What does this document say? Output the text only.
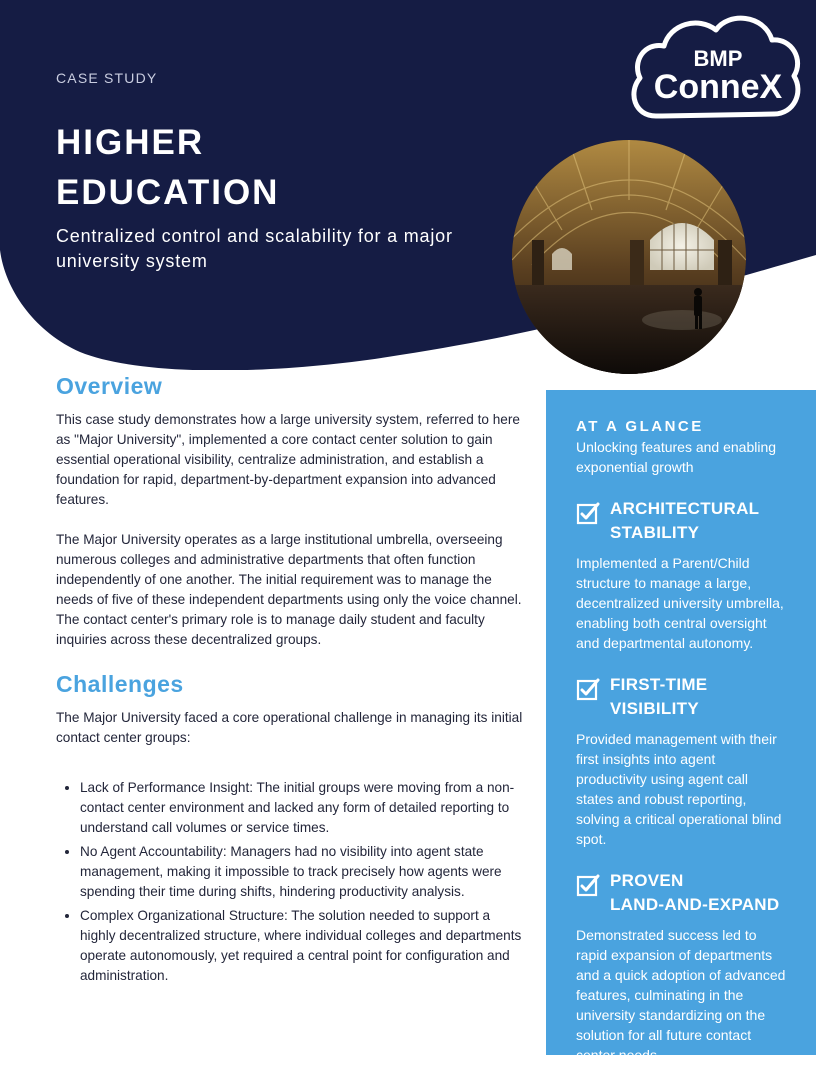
CASE STUDY
HIGHER
EDUCATION

Centralized control and scalability for a major university system

BMP
ConneX
Overview

This case study demonstrates how a large university system, referred to here as "Major University", implemented a core contact center solution to gain essential operational visibility, centralize administration, and establish a foundation for rapid, department-by-department expansion into advanced features.

The Major University operates as a large institutional umbrella, overseeing numerous colleges and administrative departments that often function independently of one another. The initial requirement was to manage the needs of five of these independent departments using only the voice channel. The contact center's primary role is to manage daily student and faculty inquiries across these decentralized groups.

Challenges

The Major University faced a core operational challenge in managing its initial contact center groups:

• Lack of Performance Insight: The initial groups were moving from a non-contact center environment and lacked any form of detailed reporting to understand call volumes or service times.
• No Agent Accountability: Managers had no visibility into agent state management, making it impossible to track precisely how agents were spending their time during shifts, hindering productivity analysis.
• Complex Organizational Structure: The solution needed to support a highly decentralized structure, where individual colleges and departments operate autonomously, yet required a central point for configuration and administration.
AT A GLANCE

Unlocking features and enabling exponential growth

ARCHITECTURAL
STABILITY

Implemented a Parent/Child structure to manage a large, decentralized university umbrella, enabling both central oversight and departmental autonomy.

FIRST-TIME
VISIBILITY

Provided management with their first insights into agent productivity using agent call states and robust reporting, solving a critical operational blind spot.

PROVEN
LAND-AND-EXPAND

Demonstrated success led to rapid expansion of departments and a quick adoption of advanced features, culminating in the university standardizing on the solution for all future contact center needs.
